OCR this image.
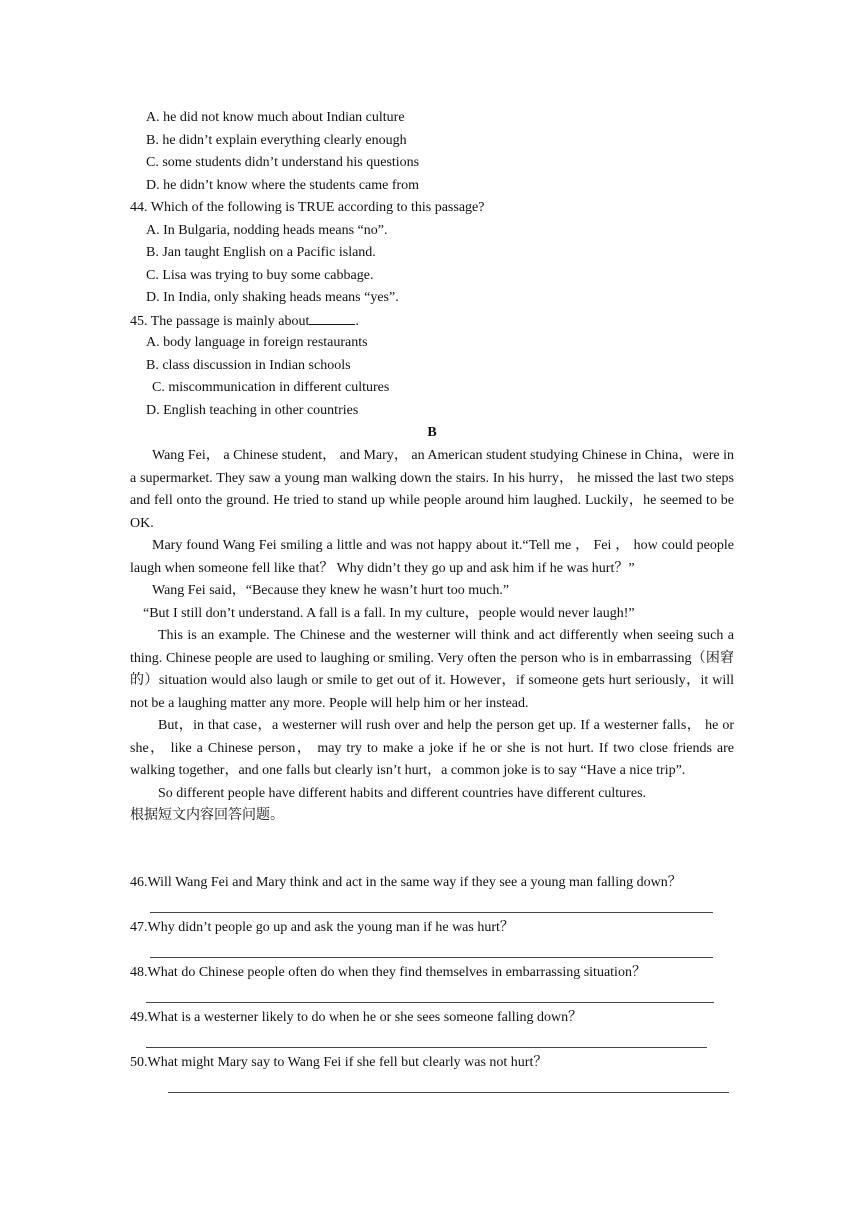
A. he did not know much about Indian culture
B. he didn’t explain everything clearly enough
C. some students didn’t understand his questions
D. he didn’t know where the students came from
44. Which of the following is TRUE according to this passage?
A. In Bulgaria, nodding heads means “no”.
B. Jan taught English on a Pacific island.
C. Lisa was trying to buy some cabbage.
D. In India, only shaking heads means “yes”.
45. The passage is mainly about	.
A. body language in foreign restaurants
B. class discussion in Indian schools
C. miscommunication in different cultures
D. English teaching in other countries
B

Wang Fei， a Chinese student， and Mary， an American student studying Chinese in China，were in a supermarket. They saw a young man walking down the stairs. In his hurry， he missed the last two steps and fell onto the ground. He tried to stand up while people around him laughed. Luckily，he seemed to be OK.

Mary found Wang Fei smiling a little and was not happy about it.“Tell me ， Fei ， how could people laugh when someone fell like that？ Why didn’t they go up and ask him if he was hurt？”

Wang Fei said，“Because they knew he wasn’t hurt too much.”

“But I still don’t understand. A fall is a fall. In my culture，people would never laugh!”

This is an example. The Chinese and the westerner will think and act differently when seeing such a thing. Chinese people are used to laughing or smiling. Very often the person who is in embarrassing（困窘的）situation would also laugh or smile to get out of it. However，if someone gets hurt seriously，it will not be a laughing matter any more. People will help him or her instead.

But，in that case，a westerner will rush over and help the person get up. If a westerner falls， he or she， like a Chinese person， may try to make a joke if he or she is not hurt. If two close friends are walking together，and one falls but clearly isn’t hurt，a common joke is to say “Have a nice trip”.

So different people have different habits and different countries have different cultures.

根据短文内容回答问题。

46.Will Wang Fei and Mary think and act in the same way if they see a young man falling down？
47.Why didn’t people go up and ask the young man if he was hurt？
48.What do Chinese people often do when they find themselves in embarrassing situation？
49.What is a westerner likely to do when he or she sees someone falling down？
50.What might Mary say to Wang Fei if she fell but clearly was not hurt？
